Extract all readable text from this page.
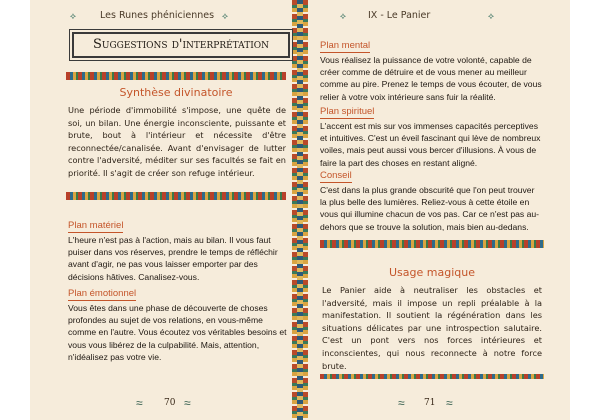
⟡	Les Runes phéniciennes ⟡
Suggestions d'interprétation
Synthèse divinatoire
Une période d'immobilité s'impose, une quête de soi, un bilan. Une énergie inconsciente, puissante et brute, bout à l'intérieur et nécessite d'être reconnectée/canalisée. Avant d'envisager de lutter contre l'adversité, méditer sur ses facultés se fait en priorité. Il s'agit de créer son refuge intérieur.
Plan matériel
L'heure n'est pas à l'action, mais au bilan. Il vous faut puiser dans vos réserves, prendre le temps de réfléchir avant d'agir, ne pas vous laisser emporter par des décisions hâtives. Canalisez-vous.
Plan émotionnel
Vous êtes dans une phase de découverte de choses profondes au sujet de vos relations, en vous-même comme en l'autre. Vous écoutez vos véritables besoins et vous vous libérez de la culpabilité. Mais, attention, n'idéalisez pas votre vie.
≈ 70 ≈
⟡ IX - Le Panier	⟡
Plan mental
Vous réalisez la puissance de votre volonté, capable de créer comme de détruire et de vous mener au meilleur comme au pire. Prenez le temps de vous écouter, de vous relier à votre voix intérieure sans fuir la réalité.
Plan spirituel
L'accent est mis sur vos immenses capacités perceptives et intuitives. C'est un éveil fascinant qui lève de nombreux voiles, mais peut aussi vous bercer d'illusions. À vous de faire la part des choses en restant aligné.
Conseil
C'est dans la plus grande obscurité que l'on peut trouver la plus belle des lumières. Reliez-vous à cette étoile en vous qui illumine chacun de vos pas. Car ce n'est pas au-dehors que se trouve la solution, mais bien au-dedans.
Usage magique
Le Panier aide à neutraliser les obstacles et l'adversité, mais il impose un repli préalable à la manifestation. Il soutient la régénération dans les situations délicates par une introspection salutaire. C'est un pont vers nos forces intérieures et inconscientes, qui nous reconnecte à notre force brute.
≈ 71 ≈
